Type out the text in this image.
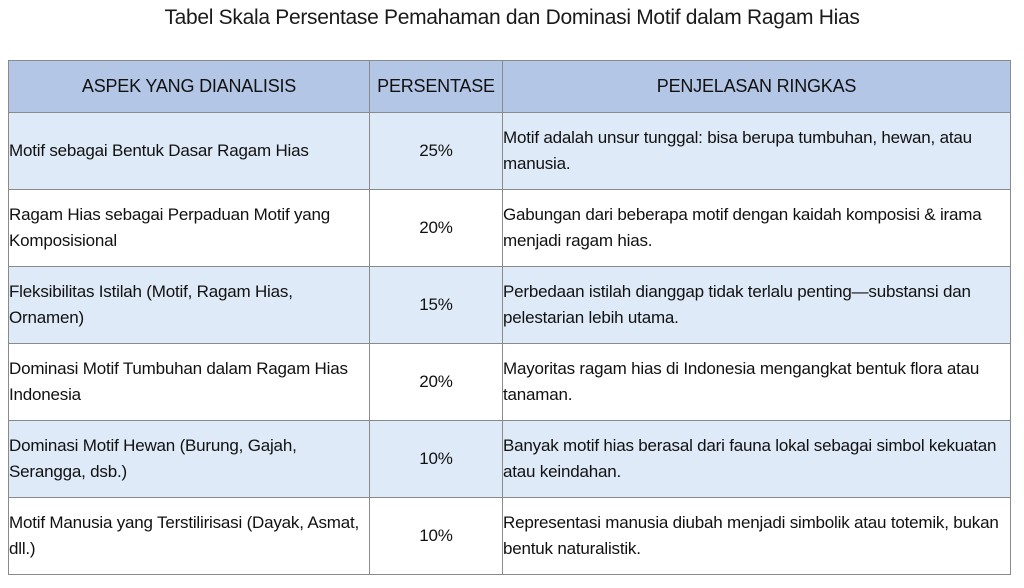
Tabel Skala Persentase Pemahaman dan Dominasi Motif dalam Ragam Hias
ASPEK YANG DIANALISIS	PERSENTASE	PENJELASAN RINGKAS
Motif sebagai Bentuk Dasar Ragam Hias	25%	Motif adalah unsur tunggal: bisa berupa tumbuhan, hewan, atau manusia.
Ragam Hias sebagai Perpaduan Motif yang Komposisional	20%	Gabungan dari beberapa motif dengan kaidah komposisi & irama menjadi ragam hias.
Fleksibilitas Istilah (Motif, Ragam Hias, Ornamen)	15%	Perbedaan istilah dianggap tidak terlalu penting—substansi dan pelestarian lebih utama.
Dominasi Motif Tumbuhan dalam Ragam Hias Indonesia	20%	Mayoritas ragam hias di Indonesia mengangkat bentuk flora atau tanaman.
Dominasi Motif Hewan (Burung, Gajah, Serangga, dsb.)	10%	Banyak motif hias berasal dari fauna lokal sebagai simbol kekuatan atau keindahan.
Motif Manusia yang Terstilirisasi (Dayak, Asmat, dll.)	10%	Representasi manusia diubah menjadi simbolik atau totemik, bukan bentuk naturalistik.
